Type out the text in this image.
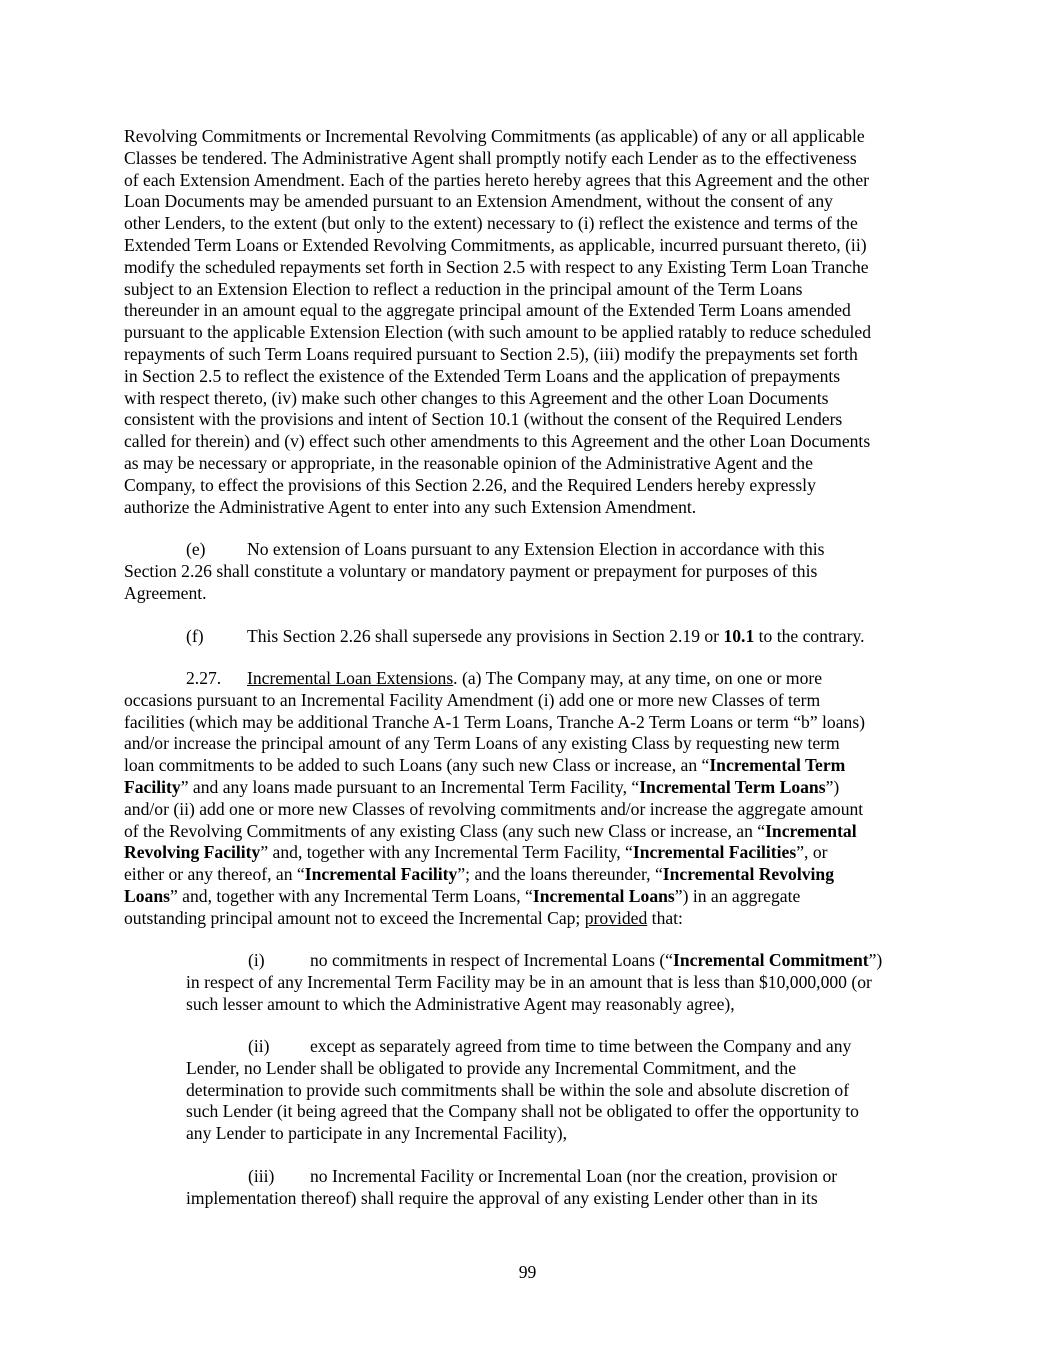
Revolving Commitments or Incremental Revolving Commitments (as applicable) of any or all applicable
Classes be tendered. The Administrative Agent shall promptly notify each Lender as to the effectiveness
of each Extension Amendment. Each of the parties hereto hereby agrees that this Agreement and the other
Loan Documents may be amended pursuant to an Extension Amendment, without the consent of any
other Lenders, to the extent (but only to the extent) necessary to (i) reflect the existence and terms of the
Extended Term Loans or Extended Revolving Commitments, as applicable, incurred pursuant thereto, (ii)
modify the scheduled repayments set forth in Section 2.5 with respect to any Existing Term Loan Tranche
subject to an Extension Election to reflect a reduction in the principal amount of the Term Loans
thereunder in an amount equal to the aggregate principal amount of the Extended Term Loans amended
pursuant to the applicable Extension Election (with such amount to be applied ratably to reduce scheduled
repayments of such Term Loans required pursuant to Section 2.5), (iii) modify the prepayments set forth
in Section 2.5 to reflect the existence of the Extended Term Loans and the application of prepayments
with respect thereto, (iv) make such other changes to this Agreement and the other Loan Documents
consistent with the provisions and intent of Section 10.1 (without the consent of the Required Lenders
called for therein) and (v) effect such other amendments to this Agreement and the other Loan Documents
as may be necessary or appropriate, in the reasonable opinion of the Administrative Agent and the
Company, to effect the provisions of this Section 2.26, and the Required Lenders hereby expressly
authorize the Administrative Agent to enter into any such Extension Amendment.
(e) No extension of Loans pursuant to any Extension Election in accordance with this
Section 2.26 shall constitute a voluntary or mandatory payment or prepayment for purposes of this
Agreement.
(f) This Section 2.26 shall supersede any provisions in Section 2.19 or 10.1 to the contrary.
2.27. Incremental Loan Extensions. (a) The Company may, at any time, on one or more
occasions pursuant to an Incremental Facility Amendment (i) add one or more new Classes of term
facilities (which may be additional Tranche A-1 Term Loans, Tranche A-2 Term Loans or term “b” loans)
and/or increase the principal amount of any Term Loans of any existing Class by requesting new term
loan commitments to be added to such Loans (any such new Class or increase, an “Incremental Term
Facility” and any loans made pursuant to an Incremental Term Facility, “Incremental Term Loans”)
and/or (ii) add one or more new Classes of revolving commitments and/or increase the aggregate amount
of the Revolving Commitments of any existing Class (any such new Class or increase, an “Incremental
Revolving Facility” and, together with any Incremental Term Facility, “Incremental Facilities”, or
either or any thereof, an “Incremental Facility”; and the loans thereunder, “Incremental Revolving
Loans” and, together with any Incremental Term Loans, “Incremental Loans”) in an aggregate
outstanding principal amount not to exceed the Incremental Cap; provided that:
(i)	no commitments in respect of Incremental Loans (“Incremental Commitment”)
in respect of any Incremental Term Facility may be in an amount that is less than $10,000,000 (or
such lesser amount to which the Administrative Agent may reasonably agree),
(ii) except as separately agreed from time to time between the Company and any
Lender, no Lender shall be obligated to provide any Incremental Commitment, and the
determination to provide such commitments shall be within the sole and absolute discretion of
such Lender (it being agreed that the Company shall not be obligated to offer the opportunity to
any Lender to participate in any Incremental Facility),
(iii) no Incremental Facility or Incremental Loan (nor the creation, provision or
implementation thereof) shall require the approval of any existing Lender other than in its
99
